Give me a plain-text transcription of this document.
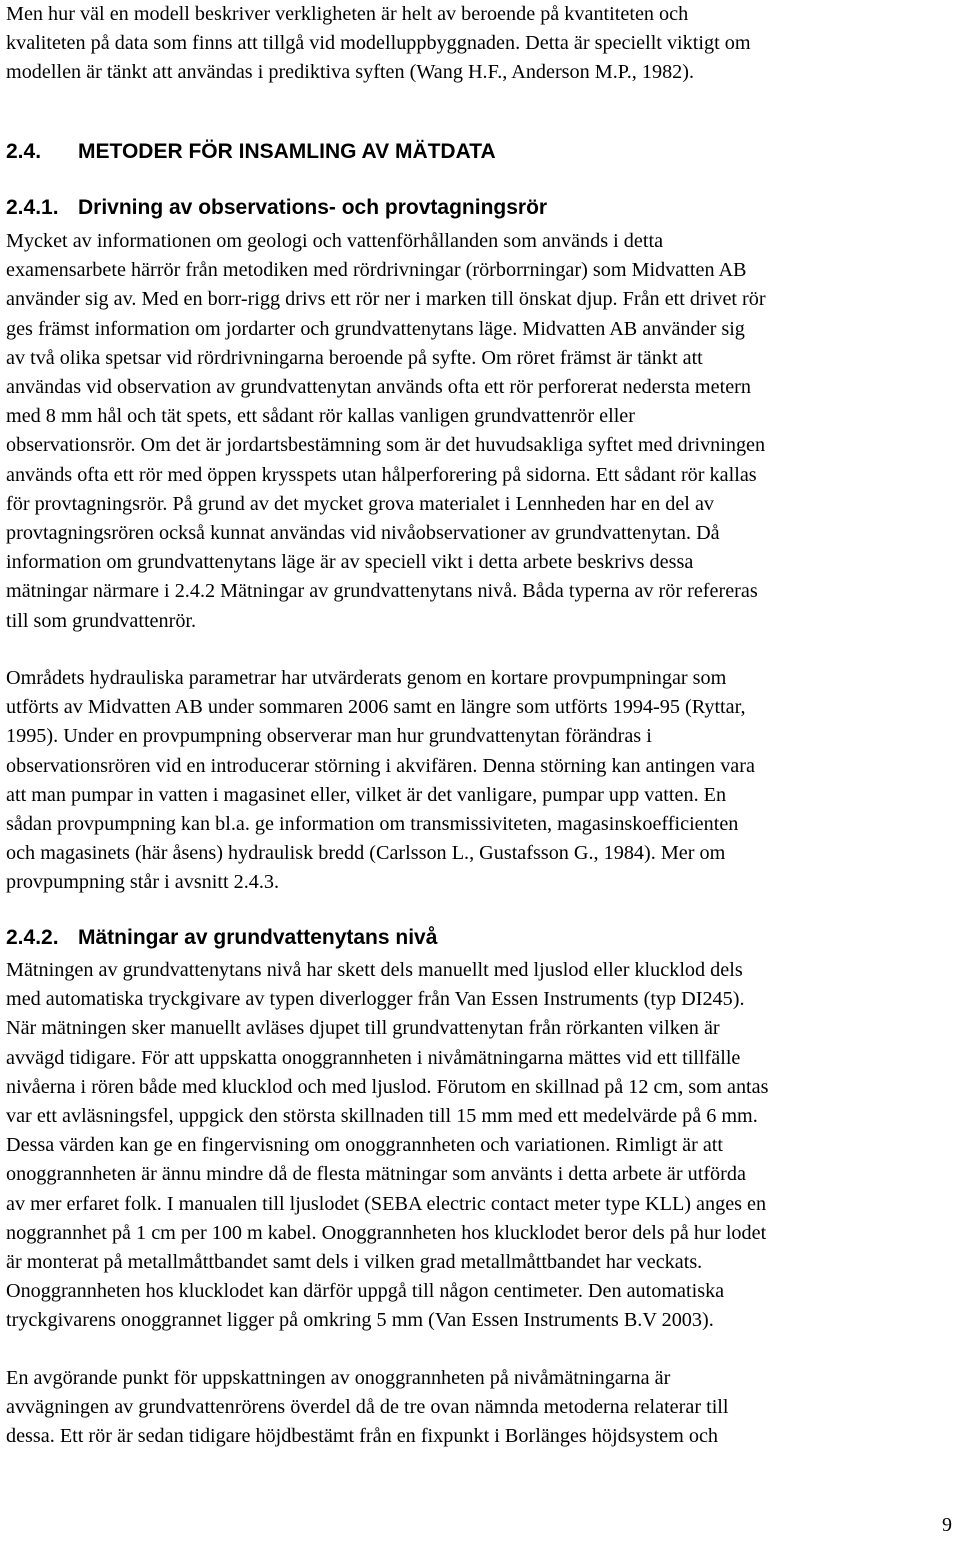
Men hur väl en modell beskriver verkligheten är helt av beroende på kvantiteten och
kvaliteten på data som finns att tillgå vid modelluppbyggnaden. Detta är speciellt viktigt om
modellen är tänkt att användas i prediktiva syften (Wang H.F., Anderson M.P., 1982).

2.4. METODER FÖR INSAMLING AV MÄTDATA
2.4.1. Drivning av observations- och provtagningsrör

Mycket av informationen om geologi och vattenförhållanden som används i detta
examensarbete härrör från metodiken med rördrivningar (rörborrningar) som Midvatten AB
använder sig av. Med en borr-rigg drivs ett rör ner i marken till önskat djup. Från ett drivet rör
ges främst information om jordarter och grundvattenytans läge. Midvatten AB använder sig
av två olika spetsar vid rördrivningarna beroende på syfte. Om röret främst är tänkt att
användas vid observation av grundvattenytan används ofta ett rör perforerat nedersta metern
med 8 mm hål och tät spets, ett sådant rör kallas vanligen grundvattenrör eller
observationsrör. Om det är jordartsbestämning som är det huvudsakliga syftet med drivningen
används ofta ett rör med öppen krysspets utan hålperforering på sidorna. Ett sådant rör kallas
för provtagningsrör. På grund av det mycket grova materialet i Lennheden har en del av
provtagningsrören också kunnat användas vid nivåobservationer av grundvattenytan. Då
information om grundvattenytans läge är av speciell vikt i detta arbete beskrivs dessa
mätningar närmare i 2.4.2 Mätningar av grundvattenytans nivå. Båda typerna av rör refereras
till som grundvattenrör.

Områdets hydrauliska parametrar har utvärderats genom en kortare provpumpningar som
utförts av Midvatten AB under sommaren 2006 samt en längre som utförts 1994-95 (Ryttar,
1995). Under en provpumpning observerar man hur grundvattenytan förändras i
observationsrören vid en introducerar störning i akvifären. Denna störning kan antingen vara
att man pumpar in vatten i magasinet eller, vilket är det vanligare, pumpar upp vatten. En
sådan provpumpning kan bl.a. ge information om transmissiviteten, magasinskoefficienten
och magasinets (här åsens) hydraulisk bredd (Carlsson L., Gustafsson G., 1984). Mer om
provpumpning står i avsnitt 2.4.3.

2.4.2. Mätningar av grundvattenytans nivå

Mätningen av grundvattenytans nivå har skett dels manuellt med ljuslod eller klucklod dels
med automatiska tryckgivare av typen diverlogger från Van Essen Instruments (typ DI245).
När mätningen sker manuellt avläses djupet till grundvattenytan från rörkanten vilken är
avvägd tidigare. För att uppskatta onoggrannheten i nivåmätningarna mättes vid ett tillfälle
nivåerna i rören både med klucklod och med ljuslod. Förutom en skillnad på 12 cm, som antas
var ett avläsningsfel, uppgick den största skillnaden till 15 mm med ett medelvärde på 6 mm.
Dessa värden kan ge en fingervisning om onoggrannheten och variationen. Rimligt är att
onoggrannheten är ännu mindre då de flesta mätningar som använts i detta arbete är utförda
av mer erfaret folk. I manualen till ljuslodet (SEBA electric contact meter type KLL) anges en
noggrannhet på 1 cm per 100 m kabel. Onoggrannheten hos klucklodet beror dels på hur lodet
är monterat på metallmåttbandet samt dels i vilken grad metallmåttbandet har veckats.
Onoggrannheten hos klucklodet kan därför uppgå till någon centimeter. Den automatiska
tryckgivarens onoggrannet ligger på omkring 5 mm (Van Essen Instruments B.V 2003).

En avgörande punkt för uppskattningen av onoggrannheten på nivåmätningarna är
avvägningen av grundvattenrörens överdel då de tre ovan nämnda metoderna relaterar till
dessa. Ett rör är sedan tidigare höjdbestämt från en fixpunkt i Borlänges höjdsystem och

9
